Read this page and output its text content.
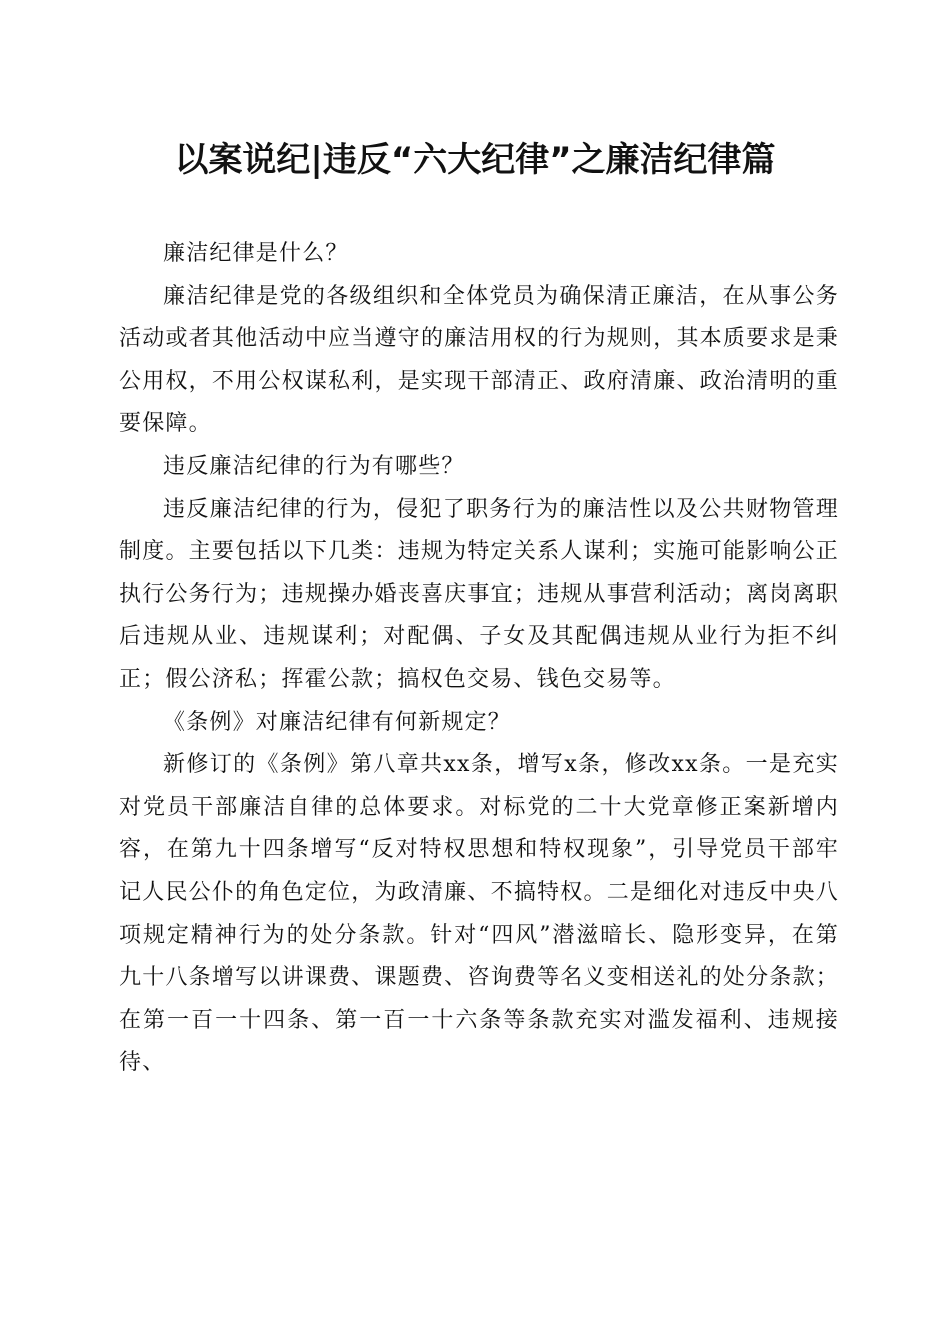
以案说纪|违反“六大纪律”之廉洁纪律篇

廉洁纪律是什么？

廉洁纪律是党的各级组织和全体党员为确保清正廉洁，在从事公务活动或者其他活动中应当遵守的廉洁用权的行为规则，其本质要求是秉公用权，不用公权谋私利，是实现干部清正、政府清廉、政治清明的重要保障。

违反廉洁纪律的行为有哪些？

违反廉洁纪律的行为，侵犯了职务行为的廉洁性以及公共财物管理制度。主要包括以下几类：违规为特定关系人谋利；实施可能影响公正执行公务行为；违规操办婚丧喜庆事宜；违规从事营利活动；离岗离职后违规从业、违规谋利；对配偶、子女及其配偶违规从业行为拒不纠正；假公济私；挥霍公款；搞权色交易、钱色交易等。

《条例》对廉洁纪律有何新规定？

新修订的《条例》第八章共xx条，增写x条，修改xx条。一是充实对党员干部廉洁自律的总体要求。对标党的二十大党章修正案新增内容，在第九十四条增写“反对特权思想和特权现象”，引导党员干部牢记人民公仆的角色定位，为政清廉、不搞特权。二是细化对违反中央八项规定精神行为的处分条款。针对“四风”潜滋暗长、隐形变异，在第九十八条增写以讲课费、课题费、咨询费等名义变相送礼的处分条款；在第一百一十四条、第一百一十六条等条款充实对滥发福利、违规接待、
